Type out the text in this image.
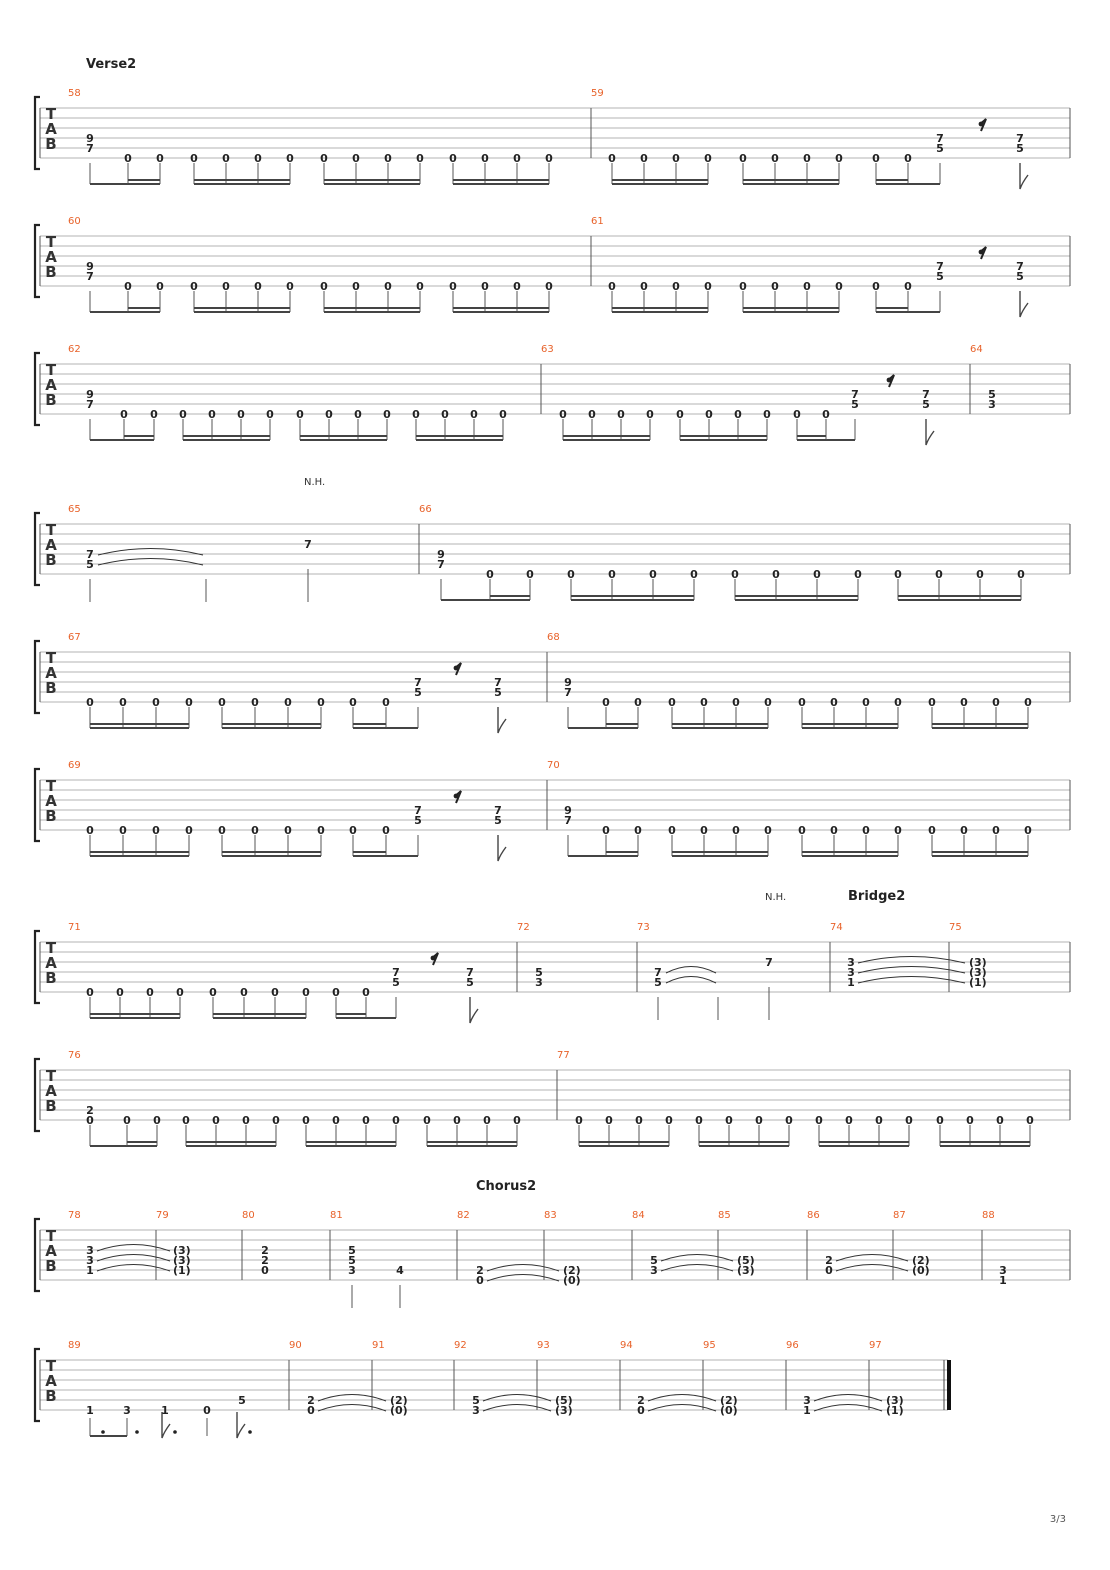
Verse2
T
A
B
58	59
9
7
0 0 0 0 0 0 0 0 0 0 0 0 0 0	0 0 0 0 0 0 0 0	0 0
7
5
7
5
T
A
B
60	61
9
7
0 0 0 0 0 0 0 0 0 0 0 0 0 0	0 0 0 0 0 0 0 0	0 0
7
5
7
5
T
A
B
62	63	64
9
7
0 0 0 0 0 0 0 0 0 0 0 0 0 0	0 0 0 0 0 0 0 0 0 0
7
5
7
5
5
3
N.H.
T
A
B
65	66
7
5
7
9
7
0	0	0	0	0	0	0	0	0	0	0	0	0	0
T
A
B
67	68
0 0 0 0 0 0 0 0 0 0
7
5
7
5
9
7
0 0 0 0 0 0 0 0 0 0 0 0 0 0
T
A
B
69	70
0 0 0 0 0 0 0 0 0 0
7
5
7
5
9
7
0 0 0 0 0 0 0 0 0 0 0 0 0 0
N.H.	Bridge2
T
A
B
71	72	73	74	75
0 0 0 0 0 0 0 0 0 0
7
5
7
5
5
3
7
5
7	3
3
1
(3)
(3)
(1)
T
A
B
76	77
2
0	0 0 0 0 0 0 0 0 0 0 0 0 0 0	0 0 0 0 0 0 0 0 0 0 0 0 0 0 0 0
Chorus2
T
A
B
78	79	80	81	82	83	84	85	86	87	88
3
3
1
(3)
(3)
(1)
2
2
0
5
5
3	4	2
0
(2)
(0)
5
3
(5)
(3)
2
0
(2)
(0)	3
1
T
A
B
89	90	91	92	93	94	95	96	97
1	3	1	0
5	2
0
(2)
(0)
5
3
(5)
(3)
2
0
(2)
(0)
3
1
(3)
(1)
3/3
